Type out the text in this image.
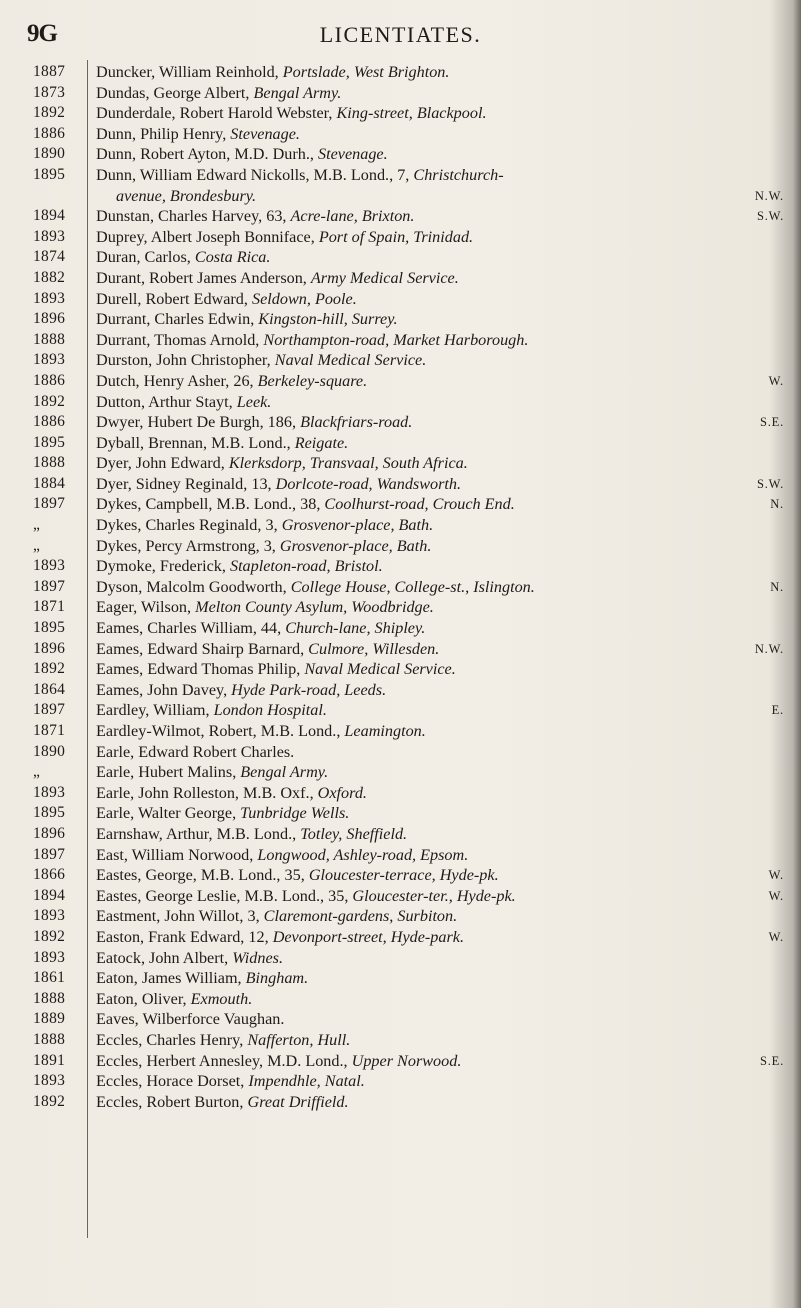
9G	LICENTIATES.
1887	Duncker, William Reinhold, Portslade, West Brighton.
1873	Dundas, George Albert, Bengal Army.
1892	Dunderdale, Robert Harold Webster, King-street, Blackpool.
1886	Dunn, Philip Henry, Stevenage.
1890	Dunn, Robert Ayton, M.D. Durh., Stevenage.
1895	Dunn, William Edward Nickolls, M.B. Lond., 7, Christchurch-
avenue, Brondesbury.	N.W.
1894	Dunstan, Charles Harvey, 63, Acre-lane, Brixton.	S.W.
1893	Duprey, Albert Joseph Bonniface, Port of Spain, Trinidad.
1874	Duran, Carlos, Costa Rica.
1882	Durant, Robert James Anderson, Army Medical Service.
1893	Durell, Robert Edward, Seldown, Poole.
1896	Durrant, Charles Edwin, Kingston-hill, Surrey.
1888	Durrant, Thomas Arnold, Northampton-road, Market Harborough.
1893	Durston, John Christopher, Naval Medical Service.
1886	Dutch, Henry Asher, 26, Berkeley-square.	W.
1892	Dutton, Arthur Stayt, Leek.
1886	Dwyer, Hubert De Burgh, 186, Blackfriars-road.	S.E.
1895	Dyball, Brennan, M.B. Lond., Reigate.
1888	Dyer, John Edward, Klerksdorp, Transvaal, South Africa.
1884	Dyer, Sidney Reginald, 13, Dorlcote-road, Wandsworth.	S.W.
1897	Dykes, Campbell, M.B. Lond., 38, Coolhurst-road, Crouch End.	N.
„	Dykes, Charles Reginald, 3, Grosvenor-place, Bath.
„	Dykes, Percy Armstrong, 3, Grosvenor-place, Bath.
1893	Dymoke, Frederick, Stapleton-road, Bristol.
1897	Dyson, Malcolm Goodworth, College House, College-st., Islington.	N.
1871	Eager, Wilson, Melton County Asylum, Woodbridge.
1895	Eames, Charles William, 44, Church-lane, Shipley.
1896	Eames, Edward Shairp Barnard, Culmore, Willesden.	N.W.
1892	Eames, Edward Thomas Philip, Naval Medical Service.
1864	Eames, John Davey, Hyde Park-road, Leeds.
1897	Eardley, William, London Hospital.	E.
1871	Eardley-Wilmot, Robert, M.B. Lond., Leamington.
1890	Earle, Edward Robert Charles.
„	Earle, Hubert Malins, Bengal Army.
1893	Earle, John Rolleston, M.B. Oxf., Oxford.
1895	Earle, Walter George, Tunbridge Wells.
1896	Earnshaw, Arthur, M.B. Lond., Totley, Sheffield.
1897	East, William Norwood, Longwood, Ashley-road, Epsom.
1866	Eastes, George, M.B. Lond., 35, Gloucester-terrace, Hyde-pk.	W.
1894	Eastes, George Leslie, M.B. Lond., 35, Gloucester-ter., Hyde-pk.	W.
1893	Eastment, John Willot, 3, Claremont-gardens, Surbiton.
1892	Easton, Frank Edward, 12, Devonport-street, Hyde-park.	W.
1893	Eatock, John Albert, Widnes.
1861	Eaton, James William, Bingham.
1888	Eaton, Oliver, Exmouth.
1889	Eaves, Wilberforce Vaughan.
1888	Eccles, Charles Henry, Nafferton, Hull.
1891	Eccles, Herbert Annesley, M.D. Lond., Upper Norwood.	S.E.
1893	Eccles, Horace Dorset, Impendhle, Natal.
1892	Eccles, Robert Burton, Great Driffield.
